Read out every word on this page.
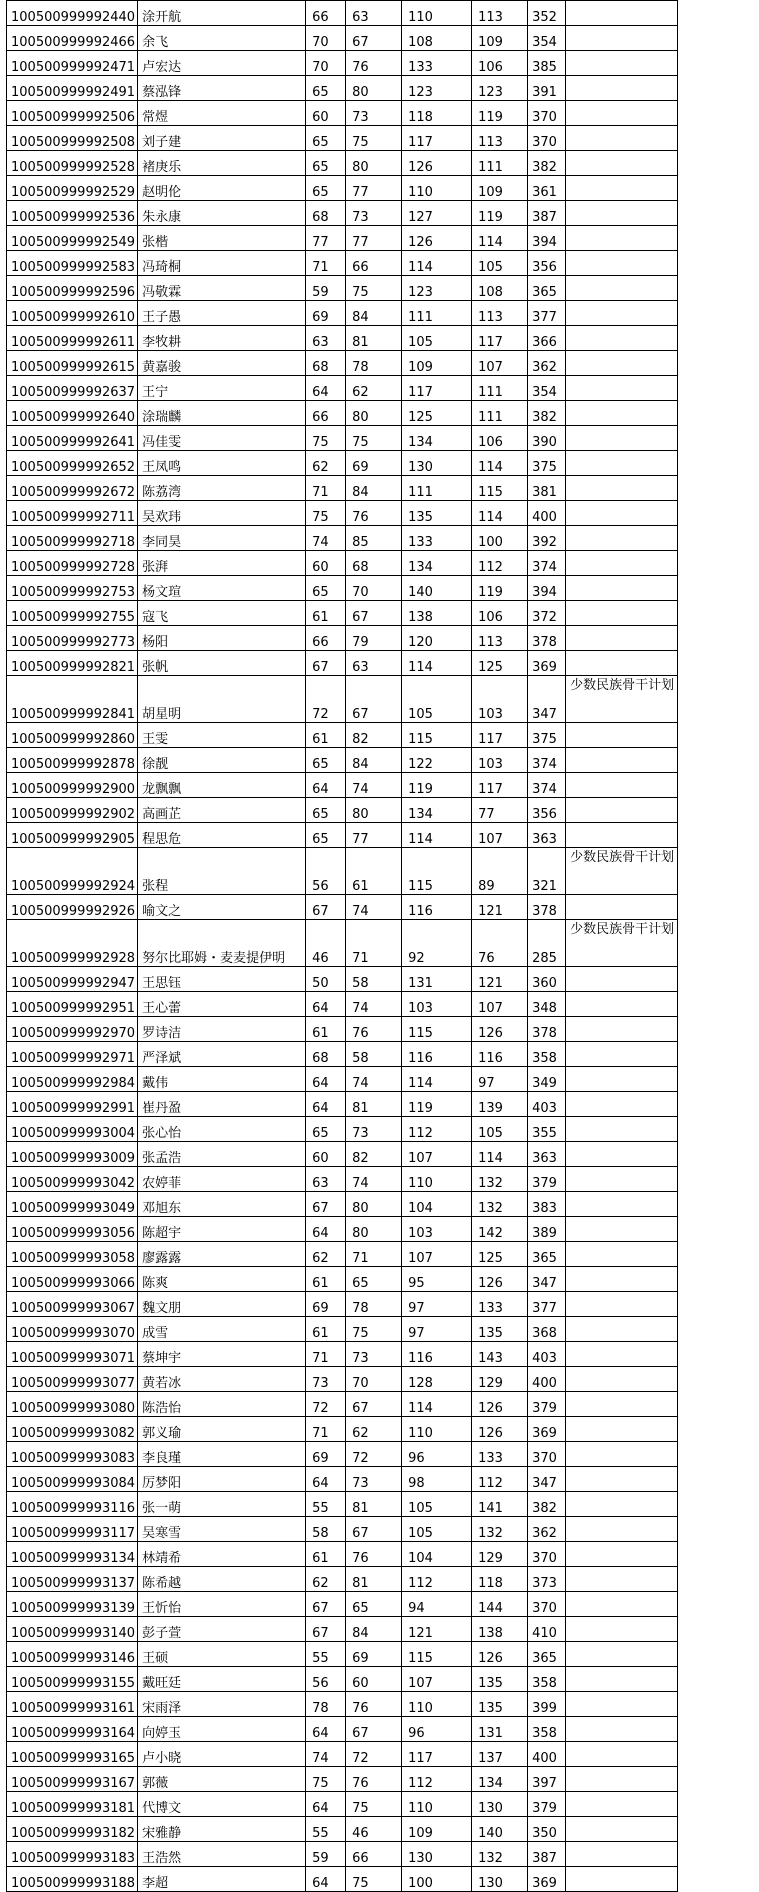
100500999992440	涂开航	66	63	110	113	352	
100500999992466	余飞	70	67	108	109	354	
100500999992471	卢宏达	70	76	133	106	385	
100500999992491	蔡泓锋	65	80	123	123	391	
100500999992506	常煜	60	73	118	119	370	
100500999992508	刘子建	65	75	117	113	370	
100500999992528	褚庚乐	65	80	126	111	382	
100500999992529	赵明伦	65	77	110	109	361	
100500999992536	朱永康	68	73	127	119	387	
100500999992549	张楷	77	77	126	114	394	
100500999992583	冯琦桐	71	66	114	105	356	
100500999992596	冯敬霖	59	75	123	108	365	
100500999992610	王子愚	69	84	111	113	377	
100500999992611	李牧耕	63	81	105	117	366	
100500999992615	黄嘉骏	68	78	109	107	362	
100500999992637	王宁	64	62	117	111	354	
100500999992640	涂瑞麟	66	80	125	111	382	
100500999992641	冯佳雯	75	75	134	106	390	
100500999992652	王凤鸣	62	69	130	114	375	
100500999992672	陈荔湾	71	84	111	115	381	
100500999992711	吴欢玮	75	76	135	114	400	
100500999992718	李同昊	74	85	133	100	392	
100500999992728	张湃	60	68	134	112	374	
100500999992753	杨文瑄	65	70	140	119	394	
100500999992755	寇飞	61	67	138	106	372	
100500999992773	杨阳	66	79	120	113	378	
100500999992821	张帆	67	63	114	125	369	
100500999992841	胡星明	72	67	105	103	347	少数民族骨干计划
100500999992860	王雯	61	82	115	117	375	
100500999992878	徐靓	65	84	122	103	374	
100500999992900	龙飘飘	64	74	119	117	374	
100500999992902	高画芷	65	80	134	77	356	
100500999992905	程思危	65	77	114	107	363	
100500999992924	张程	56	61	115	89	321	少数民族骨干计划
100500999992926	喻文之	67	74	116	121	378	
100500999992928	努尔比耶姆・麦麦提伊明	46	71	92	76	285	少数民族骨干计划
100500999992947	王思钰	50	58	131	121	360	
100500999992951	王心蕾	64	74	103	107	348	
100500999992970	罗诗洁	61	76	115	126	378	
100500999992971	严泽斌	68	58	116	116	358	
100500999992984	戴伟	64	74	114	97	349	
100500999992991	崔丹盈	64	81	119	139	403	
100500999993004	张心怡	65	73	112	105	355	
100500999993009	张孟浩	60	82	107	114	363	
100500999993042	农婷菲	63	74	110	132	379	
100500999993049	邓旭东	67	80	104	132	383	
100500999993056	陈超宇	64	80	103	142	389	
100500999993058	廖露露	62	71	107	125	365	
100500999993066	陈爽	61	65	95	126	347	
100500999993067	魏文朋	69	78	97	133	377	
100500999993070	成雪	61	75	97	135	368	
100500999993071	蔡坤宇	71	73	116	143	403	
100500999993077	黄若冰	73	70	128	129	400	
100500999993080	陈浩怡	72	67	114	126	379	
100500999993082	郭义瑜	71	62	110	126	369	
100500999993083	李良瑾	69	72	96	133	370	
100500999993084	厉梦阳	64	73	98	112	347	
100500999993116	张一萌	55	81	105	141	382	
100500999993117	吴寒雪	58	67	105	132	362	
100500999993134	林靖希	61	76	104	129	370	
100500999993137	陈希越	62	81	112	118	373	
100500999993139	王忻怡	67	65	94	144	370	
100500999993140	彭子萱	67	84	121	138	410	
100500999993146	王硕	55	69	115	126	365	
100500999993155	戴旺廷	56	60	107	135	358	
100500999993161	宋雨泽	78	76	110	135	399	
100500999993164	向婷玉	64	67	96	131	358	
100500999993165	卢小晓	74	72	117	137	400	
100500999993167	郭薇	75	76	112	134	397	
100500999993181	代博文	64	75	110	130	379	
100500999993182	宋雅静	55	46	109	140	350	
100500999993183	王浩然	59	66	130	132	387	
100500999993188	李超	64	75	100	130	369	
